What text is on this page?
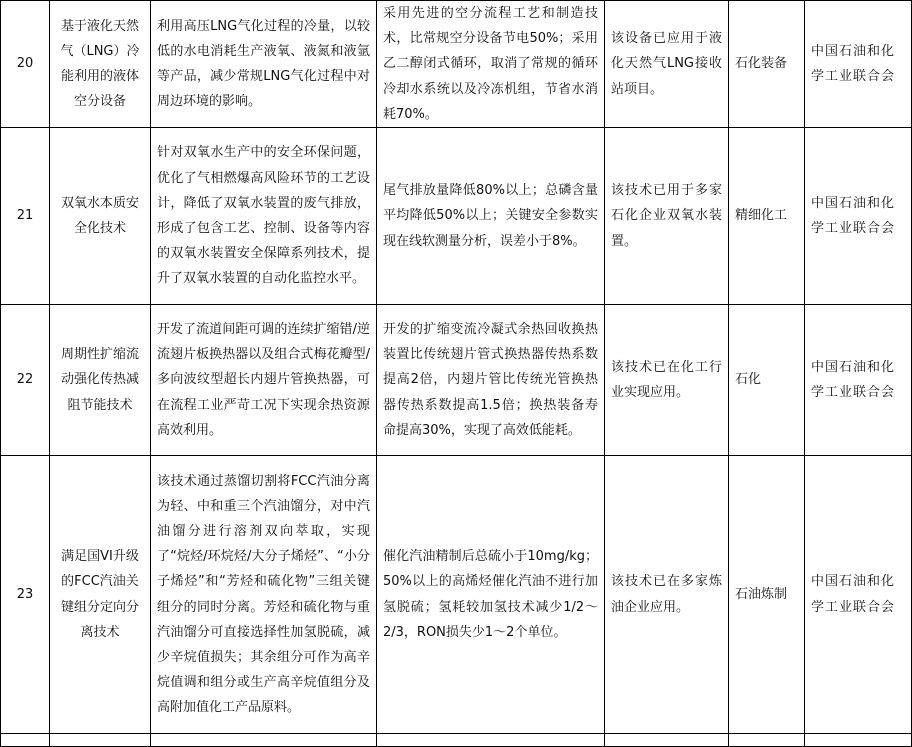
20	基于液化天然气（LNG）冷能利用的液体空分设备	利用高压LNG气化过程的冷量，以较低的水电消耗生产液氧、液氮和液氩等产品，减少常规LNG气化过程中对周边环境的影响。	采用先进的空分流程工艺和制造技术，比常规空分设备节电50%；采用乙二醇闭式循环，取消了常规的循环冷却水系统以及冷冻机组，节省水消耗70%。	该设备已应用于液化天然气LNG接收站项目。	石化装备	中国石油和化学工业联合会
21	双氧水本质安全化技术	针对双氧水生产中的安全环保问题，优化了气相燃爆高风险环节的工艺设计，降低了双氧水装置的废气排放，形成了包含工艺、控制、设备等内容的双氧水装置安全保障系列技术，提升了双氧水装置的自动化监控水平。	尾气排放量降低80%以上；总磷含量平均降低50%以上；关键安全参数实现在线软测量分析，误差小于8%。	该技术已用于多家石化企业双氧水装置。	精细化工	中国石油和化学工业联合会
22	周期性扩缩流动强化传热减阻节能技术	开发了流道间距可调的连续扩缩错/逆流翅片板换热器以及组合式梅花瓣型/多向波纹型超长内翅片管换热器，可在流程工业严苛工况下实现余热资源高效利用。	开发的扩缩变流冷凝式余热回收换热装置比传统翅片管式换热器传热系数提高2倍，内翅片管比传统光管换热器传热系数提高1.5倍；换热装备寿命提高30%，实现了高效低能耗。	该技术已在化工行业实现应用。	石化	中国石油和化学工业联合会
23	满足国VI升级的FCC汽油关键组分定向分离技术	该技术通过蒸馏切割将FCC汽油分离为轻、中和重三个汽油馏分，对中汽油馏分进行溶剂双向萃取，实现了“烷烃/环烷烃/大分子烯烃”、“小分子烯烃”和“芳烃和硫化物”三组关键组分的同时分离。芳烃和硫化物与重汽油馏分可直接选择性加氢脱硫，减少辛烷值损失；其余组分可作为高辛烷值调和组分或生产高辛烷值组分及高附加值化工产品原料。	催化汽油精制后总硫小于10mg/kg；50%以上的高烯烃催化汽油不进行加氢脱硫；氢耗较加氢技术减少1/2～2/3，RON损失少1～2个单位。	该技术已在多家炼油企业应用。	石油炼制	中国石油和化学工业联合会
